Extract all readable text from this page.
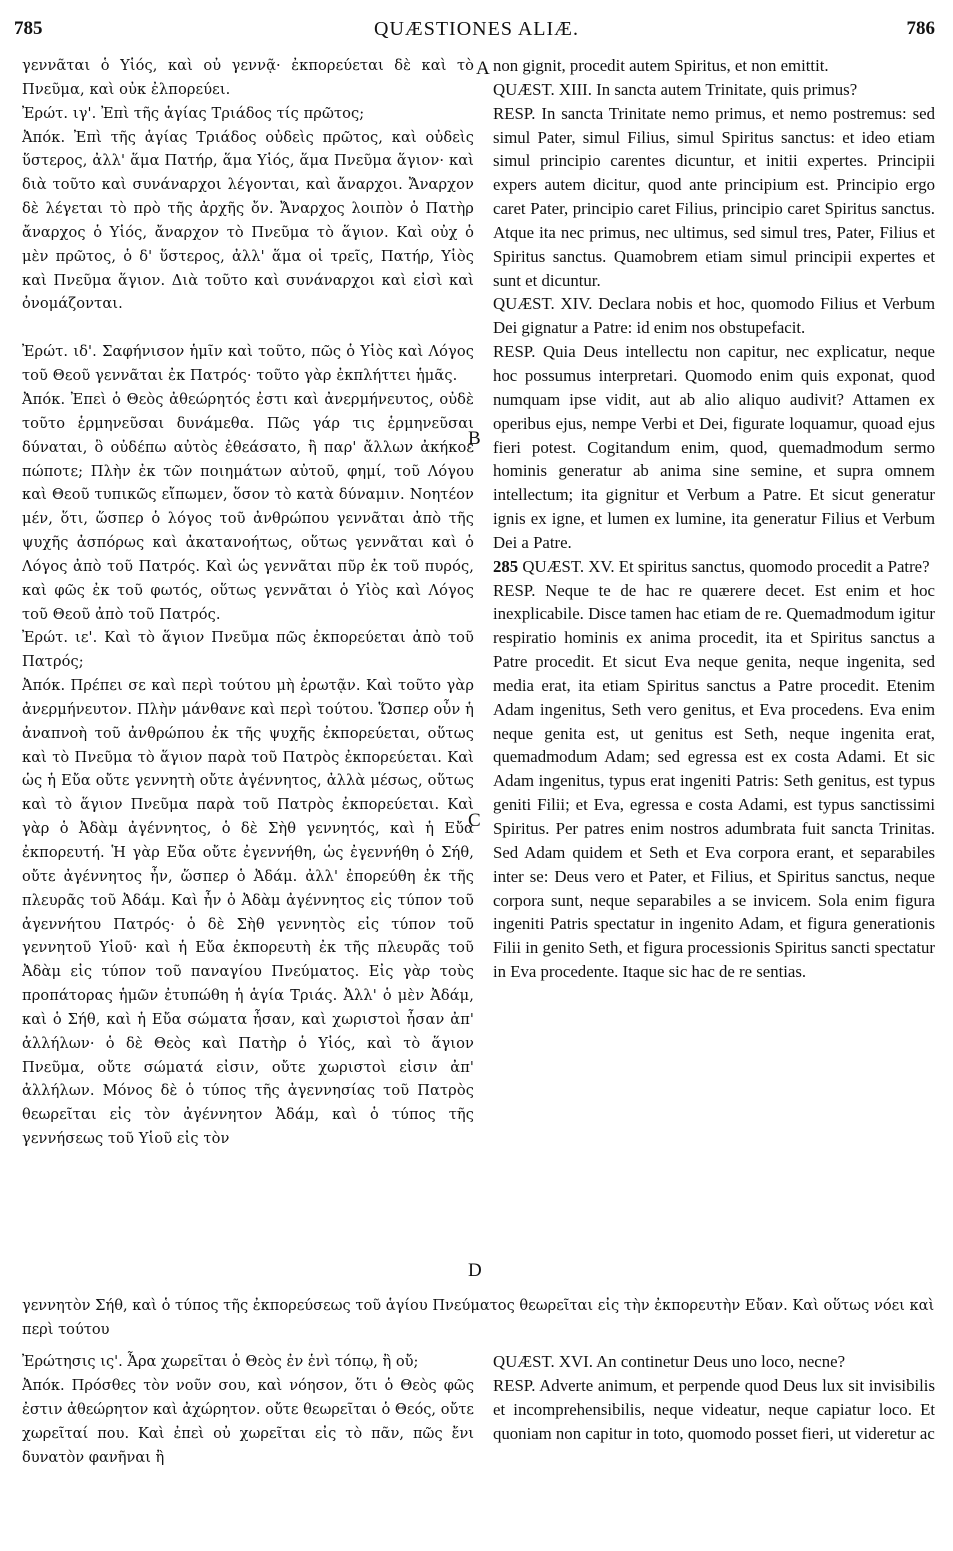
785	QUÆSTIONES ALIÆ.	786
A
B
C
D

γεννᾶται ὁ Υἱός, καὶ οὐ γεννᾷ· ἐκπορεύεται δὲ καὶ τὸ Πνεῦμα, καὶ οὐκ ἐλπορεύει.

Ἐρώτ. ιγ'. Ἐπὶ τῆς ἁγίας Τριάδος τίς πρῶτος;

Ἀπόκ. Ἐπὶ τῆς ἁγίας Τριάδος οὐδεὶς πρῶτος, καὶ οὐδεὶς ὕστερος, ἀλλ' ἅμα Πατήρ, ἅμα Υἱός, ἅμα Πνεῦμα ἅγιον· καὶ διὰ τοῦτο καὶ συνάναρχοι λέγονται, καὶ ἄναρχοι. Ἄναρχον δὲ λέγεται τὸ πρὸ τῆς ἀρχῆς ὄν. Ἄναρχος λοιπὸν ὁ Πατὴρ ἄναρχος ὁ Υἱός, ἄναρχον τὸ Πνεῦμα τὸ ἅγιον. Καὶ οὐχ ὁ μὲν πρῶτος, ὁ δ' ὕστερος, ἀλλ' ἅμα οἱ τρεῖς, Πατήρ, Υἱὸς καὶ Πνεῦμα ἅγιον. Διὰ τοῦτο καὶ συνάναρχοι καὶ εἰσὶ καὶ ὀνομάζονται.

Ἐρώτ. ιδ'. Σαφήνισον ἡμῖν καὶ τοῦτο, πῶς ὁ Υἱὸς καὶ Λόγος τοῦ Θεοῦ γεννᾶται ἐκ Πατρός· τοῦτο γὰρ ἐκπλήττει ἡμᾶς.

Ἀπόκ. Ἐπεὶ ὁ Θεὸς ἀθεώρητός ἐστι καὶ ἀνερμήνευτος, οὐδὲ τοῦτο ἑρμηνεῦσαι δυνάμεθα. Πῶς γάρ τις ἑρμηνεῦσαι δύναται, ὃ οὐδέπω αὐτὸς ἐθεάσατο, ἢ παρ' ἄλλων ἀκήκοε πώποτε; Πλὴν ἐκ τῶν ποιημάτων αὐτοῦ, φημί, τοῦ Λόγου καὶ Θεοῦ τυπικῶς εἴπωμεν, ὅσον τὸ κατὰ δύναμιν. Νοητέον μέν, ὅτι, ὥσπερ ὁ λόγος τοῦ ἀνθρώπου γεννᾶται ἀπὸ τῆς ψυχῆς ἀσπόρως καὶ ἀκατανοήτως, οὕτως γεννᾶται καὶ ὁ Λόγος ἀπὸ τοῦ Πατρός. Καὶ ὡς γεννᾶται πῦρ ἐκ τοῦ πυρός, καὶ φῶς ἐκ τοῦ φωτός, οὕτως γεννᾶται ὁ Υἱὸς καὶ Λόγος τοῦ Θεοῦ ἀπὸ τοῦ Πατρός.

Ἐρώτ. ιε'. Καὶ τὸ ἅγιον Πνεῦμα πῶς ἐκπορεύεται ἀπὸ τοῦ Πατρός;

Ἀπόκ. Πρέπει σε καὶ περὶ τούτου μὴ ἐρωτᾷν. Καὶ τοῦτο γὰρ ἀνερμήνευτον. Πλὴν μάνθανε καὶ περὶ τούτου. Ὥσπερ οὖν ἡ ἀναπνοὴ τοῦ ἀνθρώπου ἐκ τῆς ψυχῆς ἐκπορεύεται, οὕτως καὶ τὸ Πνεῦμα τὸ ἅγιον παρὰ τοῦ Πατρὸς ἐκπορεύεται. Καὶ ὡς ἡ Εὔα οὔτε γεννητὴ οὔτε ἀγέννητος, ἀλλὰ μέσως, οὕτως καὶ τὸ ἅγιον Πνεῦμα παρὰ τοῦ Πατρὸς ἐκπορεύεται. Καὶ γὰρ ὁ Ἀδὰμ ἀγέννητος, ὁ δὲ Σὴθ γεννητός, καὶ ἡ Εὔα ἐκπορευτή. Ἡ γὰρ Εὔα οὔτε ἐγεννήθη, ὡς ἐγεννήθη ὁ Σήθ, οὔτε ἀγέννητος ἦν, ὥσπερ ὁ Ἀδάμ. ἀλλ' ἐπορεύθη ἐκ τῆς πλευρᾶς τοῦ Ἀδάμ. Καὶ ἦν ὁ Ἀδὰμ ἀγέννητος εἰς τύπον τοῦ ἀγεννήτου Πατρός· ὁ δὲ Σὴθ γεννητὸς εἰς τύπον τοῦ γεννητοῦ Υἱοῦ· καὶ ἡ Εὔα ἐκπορευτὴ ἐκ τῆς πλευρᾶς τοῦ Ἀδὰμ εἰς τύπον τοῦ παναγίου Πνεύματος. Εἰς γὰρ τοὺς προπάτορας ἡμῶν ἐτυπώθη ἡ ἁγία Τριάς. Ἀλλ' ὁ μὲν Ἀδάμ, καὶ ὁ Σήθ, καὶ ἡ Εὔα σώματα ἦσαν, καὶ χωριστοὶ ἦσαν ἀπ' ἀλλήλων· ὁ δὲ Θεὸς καὶ Πατὴρ ὁ Υἱός, καὶ τὸ ἅγιον Πνεῦμα, οὔτε σώματά εἰσιν, οὔτε χωριστοὶ εἰσιν ἀπ' ἀλλήλων. Μόνος δὲ ὁ τύπος τῆς ἀγεννησίας τοῦ Πατρὸς θεωρεῖται εἰς τὸν ἀγέννητον Ἀδάμ, καὶ ὁ τύπος τῆς γεννήσεως τοῦ Υἱοῦ εἰς τὸν

non gignit, procedit autem Spiritus, et non emittit.

QUÆST. XIII. In sancta autem Trinitate, quis primus?

RESP. In sancta Trinitate nemo primus, et nemo postremus: sed simul Pater, simul Filius, simul Spiritus sanctus: et ideo etiam simul principio carentes dicuntur, et initii expertes. Principii expers autem dicitur, quod ante principium est. Principio ergo caret Pater, principio caret Filius, principio caret Spiritus sanctus. Atque ita nec primus, nec ultimus, sed simul tres, Pater, Filius et Spiritus sanctus. Quamobrem etiam simul principii expertes et sunt et dicuntur.

QUÆST. XIV. Declara nobis et hoc, quomodo Filius et Verbum Dei gignatur a Patre: id enim nos obstupefacit.

RESP. Quia Deus intellectu non capitur, nec explicatur, neque hoc possumus interpretari. Quomodo enim quis exponat, quod numquam ipse vidit, aut ab alio aliquo audivit? Attamen ex operibus ejus, nempe Verbi et Dei, figurate loquamur, quoad ejus fieri potest. Cogitandum enim, quod, quemadmodum sermo hominis generatur ab anima sine semine, et supra omnem intellectum; ita gignitur et Verbum a Patre. Et sicut generatur ignis ex igne, et lumen ex lumine, ita generatur Filius et Verbum Dei a Patre.

285 QUÆST. XV. Et spiritus sanctus, quomodo procedit a Patre?

RESP. Neque te de hac re quærere decet. Est enim et hoc inexplicabile. Disce tamen hac etiam de re. Quemadmodum igitur respiratio hominis ex anima procedit, ita et Spiritus sanctus a Patre procedit. Et sicut Eva neque genita, neque ingenita, sed media erat, ita etiam Spiritus sanctus a Patre procedit. Etenim Adam ingenitus, Seth vero genitus, et Eva procedens. Eva enim neque genita est, ut genitus est Seth, neque ingenita erat, quemadmodum Adam; sed egressa est ex costa Adami. Et sic Adam ingenitus, typus erat ingeniti Patris: Seth genitus, est typus geniti Filii; et Eva, egressa e costa Adami, est typus sanctissimi Spiritus. Per patres enim nostros adumbrata fuit sancta Trinitas. Sed Adam quidem et Seth et Eva corpora erant, et separabiles inter se: Deus vero et Pater, et Filius, et Spiritus sanctus, neque corpora sunt, neque separabiles a se invicem. Sola enim figura ingeniti Patris spectatur in ingenito Adam, et figura generationis Filii in genito Seth, et figura processionis Spiritus sancti spectatur in Eva procedente. Itaque sic hac de re sentias.

γεννητὸν Σήθ, καὶ ὁ τύπος τῆς ἐκπορεύσεως τοῦ ἁγίου Πνεύματος θεωρεῖται εἰς τὴν ἐκπορευτὴν Εὔαν. Καὶ οὕτως νόει καὶ περὶ τούτου

Ἐρώτησις ις'. Ἆρα χωρεῖται ὁ Θεὸς ἐν ἑνὶ τόπῳ, ἢ οὔ;

Ἀπόκ. Πρόσθες τὸν νοῦν σου, καὶ νόησον, ὅτι ὁ Θεὸς φῶς ἐστιν ἀθεώρητον καὶ ἀχώρητον. οὔτε θεωρεῖται ὁ Θεός, οὔτε χωρεῖταί που. Καὶ ἐπεὶ οὐ χωρεῖται εἰς τὸ πᾶν, πῶς ἔνι δυνατὸν φανῆναι ἢ

QUÆST. XVI. An continetur Deus uno loco, necne?

RESP. Adverte animum, et perpende quod Deus lux sit invisibilis et incomprehensibilis, neque videatur, neque capiatur loco. Et quoniam non capitur in toto, quomodo posset fieri, ut videretur ac
